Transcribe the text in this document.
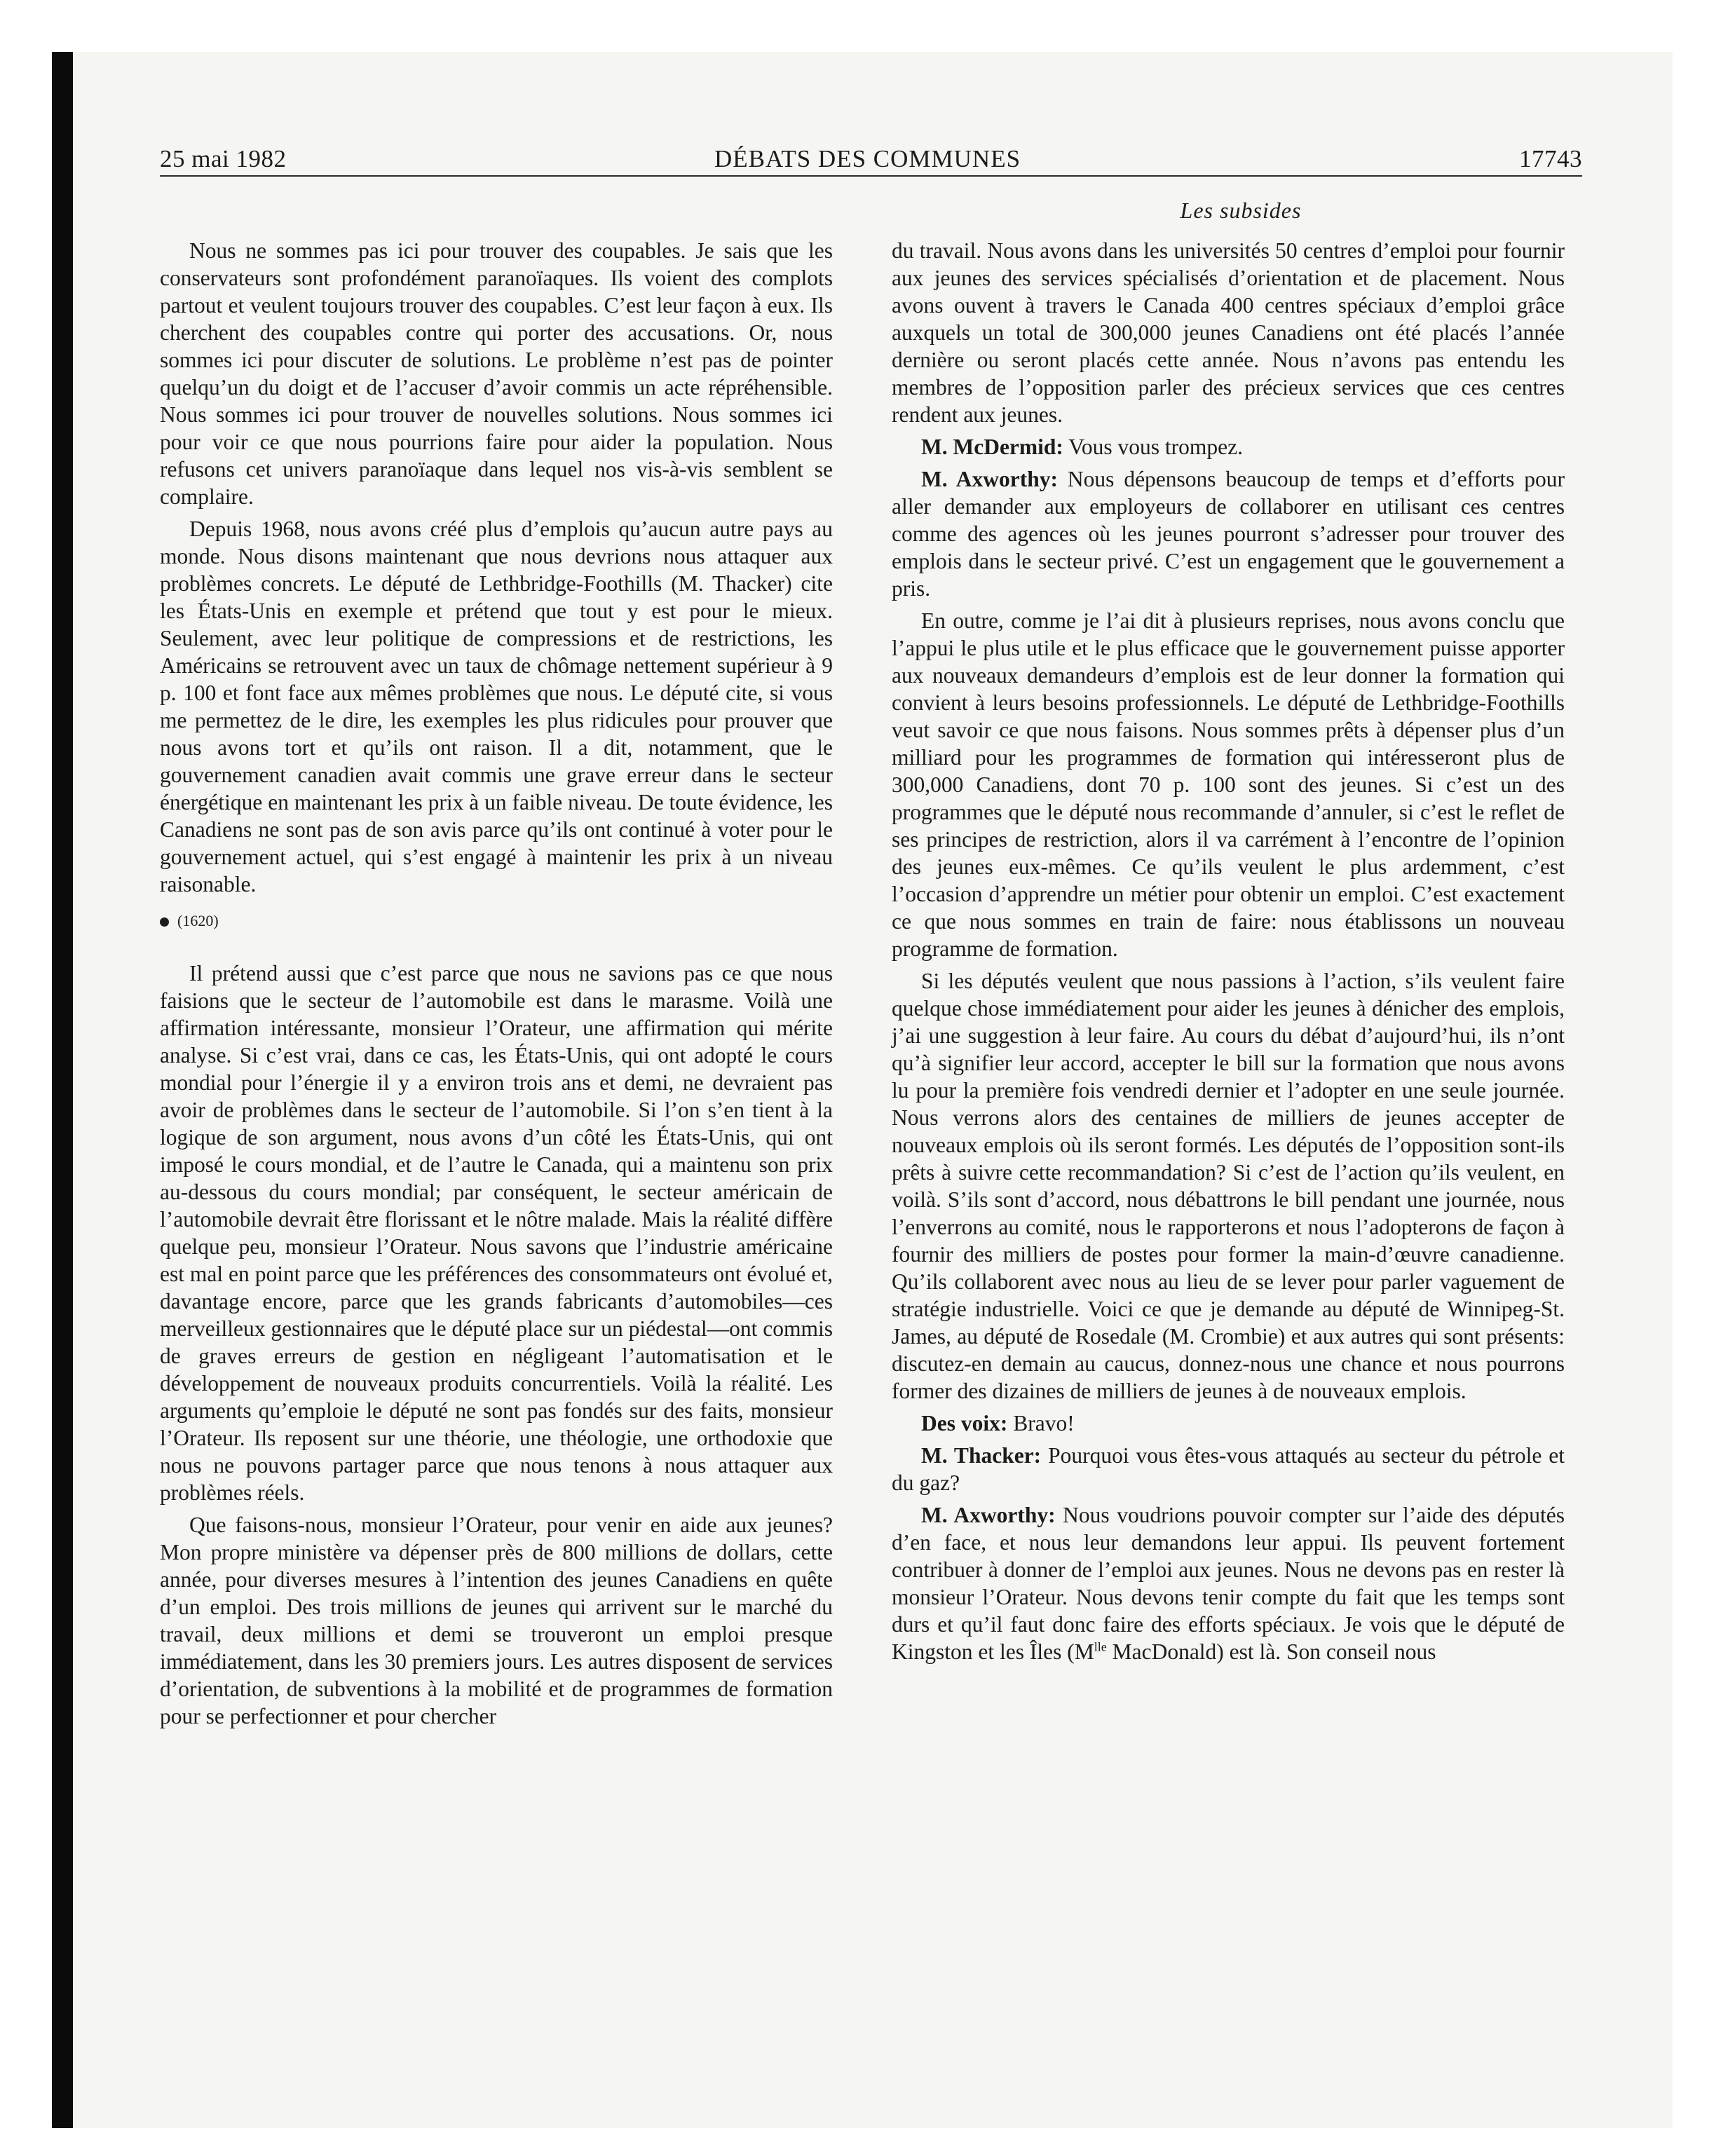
25 mai 1982	DÉBATS DES COMMUNES	17743
Les subsides

Nous ne sommes pas ici pour trouver des coupables. Je sais que les conservateurs sont profondément paranoïaques. Ils voient des complots partout et veulent toujours trouver des coupables. C’est leur façon à eux. Ils cherchent des coupables contre qui porter des accusations. Or, nous sommes ici pour discuter de solutions. Le problème n’est pas de pointer quelqu’un du doigt et de l’accuser d’avoir commis un acte répréhensible. Nous sommes ici pour trouver de nouvelles solutions. Nous sommes ici pour voir ce que nous pourrions faire pour aider la population. Nous refusons cet univers paranoïaque dans lequel nos vis-à-vis semblent se complaire.

Depuis 1968, nous avons créé plus d’emplois qu’aucun autre pays au monde. Nous disons maintenant que nous devrions nous attaquer aux problèmes concrets. Le député de Lethbridge-Foothills (M. Thacker) cite les États-Unis en exemple et prétend que tout y est pour le mieux. Seulement, avec leur politique de compressions et de restrictions, les Américains se retrouvent avec un taux de chômage nettement supérieur à 9 p. 100 et font face aux mêmes problèmes que nous. Le député cite, si vous me permettez de le dire, les exemples les plus ridicules pour prouver que nous avons tort et qu’ils ont raison. Il a dit, notamment, que le gouvernement canadien avait commis une grave erreur dans le secteur énergétique en maintenant les prix à un faible niveau. De toute évidence, les Canadiens ne sont pas de son avis parce qu’ils ont continué à voter pour le gouvernement actuel, qui s’est engagé à maintenir les prix à un niveau raisonable.

(1620)

Il prétend aussi que c’est parce que nous ne savions pas ce que nous faisions que le secteur de l’automobile est dans le marasme. Voilà une affirmation intéressante, monsieur l’Orateur, une affirmation qui mérite analyse. Si c’est vrai, dans ce cas, les États-Unis, qui ont adopté le cours mondial pour l’énergie il y a environ trois ans et demi, ne devraient pas avoir de problèmes dans le secteur de l’automobile. Si l’on s’en tient à la logique de son argument, nous avons d’un côté les États-Unis, qui ont imposé le cours mondial, et de l’autre le Canada, qui a maintenu son prix au-dessous du cours mondial; par conséquent, le secteur américain de l’automobile devrait être florissant et le nôtre malade. Mais la réalité diffère quelque peu, monsieur l’Orateur. Nous savons que l’industrie américaine est mal en point parce que les préférences des consommateurs ont évolué et, davantage encore, parce que les grands fabricants d’automobiles—ces merveilleux gestionnaires que le député place sur un piédestal—ont commis de graves erreurs de gestion en négligeant l’automatisation et le développement de nouveaux produits concurrentiels. Voilà la réalité. Les arguments qu’emploie le député ne sont pas fondés sur des faits, monsieur l’Orateur. Ils reposent sur une théorie, une théologie, une orthodoxie que nous ne pouvons partager parce que nous tenons à nous attaquer aux problèmes réels.

Que faisons-nous, monsieur l’Orateur, pour venir en aide aux jeunes? Mon propre ministère va dépenser près de 800 millions de dollars, cette année, pour diverses mesures à l’intention des jeunes Canadiens en quête d’un emploi. Des trois millions de jeunes qui arrivent sur le marché du travail, deux millions et demi se trouveront un emploi presque immédiatement, dans les 30 premiers jours. Les autres disposent de services d’orientation, de subventions à la mobilité et de programmes de formation pour se perfectionner et pour chercher

du travail. Nous avons dans les universités 50 centres d’emploi pour fournir aux jeunes des services spécialisés d’orientation et de placement. Nous avons ouvent à travers le Canada 400 centres spéciaux d’emploi grâce auxquels un total de 300,000 jeunes Canadiens ont été placés l’année dernière ou seront placés cette année. Nous n’avons pas entendu les membres de l’opposition parler des précieux services que ces centres rendent aux jeunes.

M. McDermid: Vous vous trompez.

M. Axworthy: Nous dépensons beaucoup de temps et d’efforts pour aller demander aux employeurs de collaborer en utilisant ces centres comme des agences où les jeunes pourront s’adresser pour trouver des emplois dans le secteur privé. C’est un engagement que le gouvernement a pris.

En outre, comme je l’ai dit à plusieurs reprises, nous avons conclu que l’appui le plus utile et le plus efficace que le gouvernement puisse apporter aux nouveaux demandeurs d’emplois est de leur donner la formation qui convient à leurs besoins professionnels. Le député de Lethbridge-Foothills veut savoir ce que nous faisons. Nous sommes prêts à dépenser plus d’un milliard pour les programmes de formation qui intéresseront plus de 300,000 Canadiens, dont 70 p. 100 sont des jeunes. Si c’est un des programmes que le député nous recommande d’annuler, si c’est le reflet de ses principes de restriction, alors il va carrément à l’encontre de l’opinion des jeunes eux-mêmes. Ce qu’ils veulent le plus ardemment, c’est l’occasion d’apprendre un métier pour obtenir un emploi. C’est exactement ce que nous sommes en train de faire: nous établissons un nouveau programme de formation.

Si les députés veulent que nous passions à l’action, s’ils veulent faire quelque chose immédiatement pour aider les jeunes à dénicher des emplois, j’ai une suggestion à leur faire. Au cours du débat d’aujourd’hui, ils n’ont qu’à signifier leur accord, accepter le bill sur la formation que nous avons lu pour la première fois vendredi dernier et l’adopter en une seule journée. Nous verrons alors des centaines de milliers de jeunes accepter de nouveaux emplois où ils seront formés. Les députés de l’opposition sont-ils prêts à suivre cette recommandation? Si c’est de l’action qu’ils veulent, en voilà. S’ils sont d’accord, nous débattrons le bill pendant une journée, nous l’enverrons au comité, nous le rapporterons et nous l’adopterons de façon à fournir des milliers de postes pour former la main-d’œuvre canadienne. Qu’ils collaborent avec nous au lieu de se lever pour parler vaguement de stratégie industrielle. Voici ce que je demande au député de Winnipeg-St. James, au député de Rosedale (M. Crombie) et aux autres qui sont présents: discutez-en demain au caucus, donnez-nous une chance et nous pourrons former des dizaines de milliers de jeunes à de nouveaux emplois.

Des voix: Bravo!

M. Thacker: Pourquoi vous êtes-vous attaqués au secteur du pétrole et du gaz?

M. Axworthy: Nous voudrions pouvoir compter sur l’aide des députés d’en face, et nous leur demandons leur appui. Ils peuvent fortement contribuer à donner de l’emploi aux jeunes. Nous ne devons pas en rester là monsieur l’Orateur. Nous devons tenir compte du fait que les temps sont durs et qu’il faut donc faire des efforts spéciaux. Je vois que le député de Kingston et les Îles ($M^{lle}$ MacDonald) est là. Son conseil nous
